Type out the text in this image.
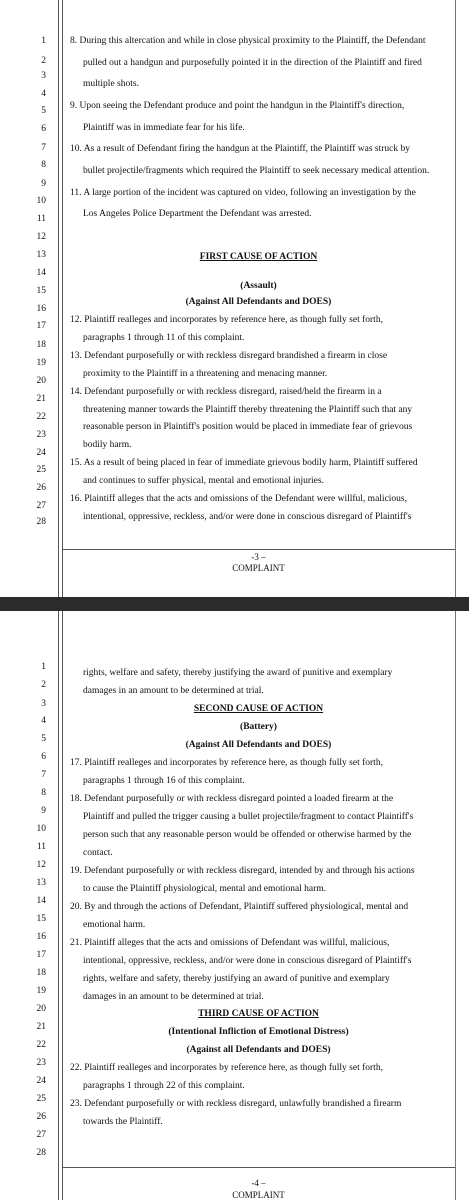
1
2
3
4
5
6
7
8
9
10
11
12
13
14
15
16
17
18
19
20
21
22
23
24
25
26
27
28
8. During this altercation and while in close physical proximity to the Plaintiff, the Defendant
pulled out a handgun and purposefully pointed it in the direction of the Plaintiff and fired
multiple shots.
9. Upon seeing the Defendant produce and point the handgun in the Plaintiff's direction,
Plaintiff was in immediate fear for his life.
10. As a result of Defendant firing the handgun at the Plaintiff, the Plaintiff was struck by
bullet projectile/fragments which required the Plaintiff to seek necessary medical attention.
11. A large portion of the incident was captured on video, following an investigation by the
Los Angeles Police Department the Defendant was arrested.
FIRST CAUSE OF ACTION
(Assault)
(Against All Defendants and DOES)
12. Plaintiff realleges and incorporates by reference here, as though fully set forth,
paragraphs 1 through 11 of this complaint.
13. Defendant purposefully or with reckless disregard brandished a firearm in close
proximity to the Plaintiff in a threatening and menacing manner.
14. Defendant purposefully or with reckless disregard, raised/held the firearm in a
threatening manner towards the Plaintiff thereby threatening the Plaintiff such that any
reasonable person in Plaintiff's position would be placed in immediate fear of grievous
bodily harm.
15. As a result of being placed in fear of immediate grievous bodily harm, Plaintiff suffered
and continues to suffer physical, mental and emotional injuries.
16. Plaintiff alleges that the acts and omissions of the Defendant were willful, malicious,
intentional, oppressive, reckless, and/or were done in conscious disregard of Plaintiff's
-3 –
COMPLAINT
1
2
3
4
5
6
7
8
9
10
11
12
13
14
15
16
17
18
19
20
21
22
23
24
25
26
27
28
rights, welfare and safety, thereby justifying the award of punitive and exemplary
damages in an amount to be determined at trial.
SECOND CAUSE OF ACTION
(Battery)
(Against All Defendants and DOES)
17. Plaintiff realleges and incorporates by reference here, as though fully set forth,
paragraphs 1 through 16 of this complaint.
18. Defendant purposefully or with reckless disregard pointed a loaded firearm at the
Plaintiff and pulled the trigger causing a bullet projectile/fragment to contact Plaintiff's
person such that any reasonable person would be offended or otherwise harmed by the
contact.
19. Defendant purposefully or with reckless disregard, intended by and through his actions
to cause the Plaintiff physiological, mental and emotional harm.
20. By and through the actions of Defendant, Plaintiff suffered physiological, mental and
emotional harm.
21. Plaintiff alleges that the acts and omissions of Defendant was willful, malicious,
intentional, oppressive, reckless, and/or were done in conscious disregard of Plaintiff's
rights, welfare and safety, thereby justifying an award of punitive and exemplary
damages in an amount to be determined at trial.
THIRD CAUSE OF ACTION
(Intentional Infliction of Emotional Distress)
(Against all Defendants and DOES)
22. Plaintiff realleges and incorporates by reference here, as though fully set forth,
paragraphs 1 through 22 of this complaint.
23. Defendant purposefully or with reckless disregard, unlawfully brandished a firearm
towards the Plaintiff.
-4 –
COMPLAINT
